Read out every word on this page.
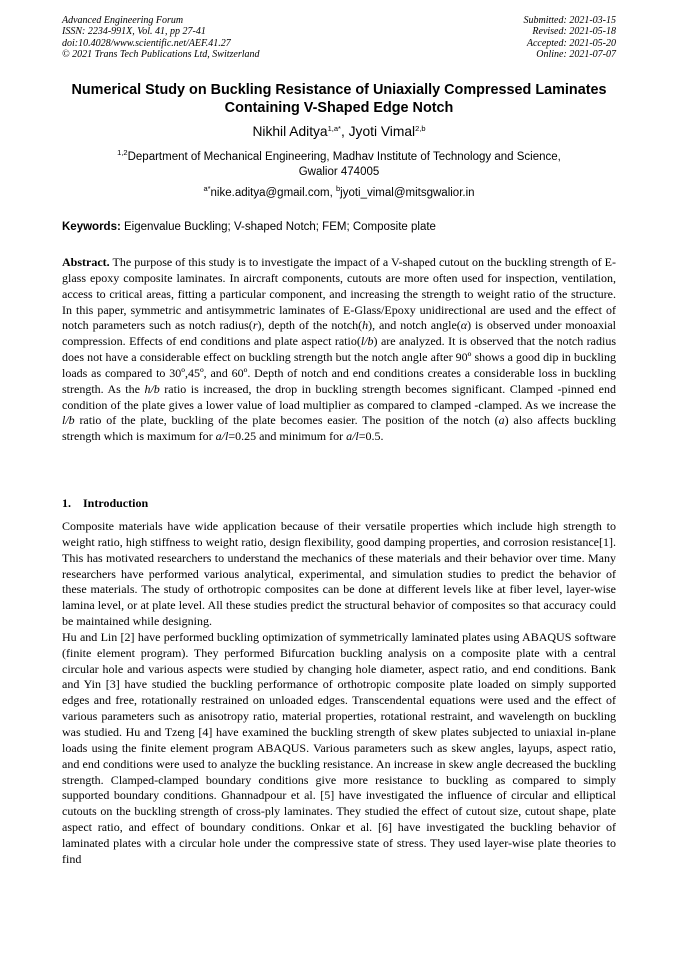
Advanced Engineering Forum
ISSN: 2234-991X, Vol. 41, pp 27-41
doi:10.4028/www.scientific.net/AEF.41.27
© 2021 Trans Tech Publications Ltd, Switzerland
Submitted: 2021-03-15
Revised: 2021-05-18
Accepted: 2021-05-20
Online: 2021-07-07
Numerical Study on Buckling Resistance of Uniaxially Compressed Laminates Containing V-Shaped Edge Notch
Nikhil Aditya$^{1,a*}$, Jyoti Vimal$^{2,b}$
$^{1,2}$Department of Mechanical Engineering, Madhav Institute of Technology and Science,
Gwalior 474005
$^{a*}$nike.aditya@gmail.com, $^b$jyoti_vimal@mitsgwalior.in
Keywords: Eigenvalue Buckling; V-shaped Notch; FEM; Composite plate

Abstract. The purpose of this study is to investigate the impact of a V-shaped cutout on the buckling strength of E-glass epoxy composite laminates. In aircraft components, cutouts are more often used for inspection, ventilation, access to critical areas, fitting a particular component, and increasing the strength to weight ratio of the structure. In this paper, symmetric and antisymmetric laminates of E-Glass/Epoxy unidirectional are used and the effect of notch parameters such as notch radius(r), depth of the notch(h), and notch angle(α) is observed under monoaxial compression. Effects of end conditions and plate aspect ratio(l/b) are analyzed. It is observed that the notch radius does not have a considerable effect on buckling strength but the notch angle after 90º shows a good dip in buckling loads as compared to 30º,45º, and 60º. Depth of notch and end conditions creates a considerable loss in buckling strength. As the h/b ratio is increased, the drop in buckling strength becomes significant. Clamped -pinned end condition of the plate gives a lower value of load multiplier as compared to clamped -clamped. As we increase the l/b ratio of the plate, buckling of the plate becomes easier. The position of the notch (a) also affects buckling strength which is maximum for a/l=0.25 and minimum for a/l=0.5.

1. Introduction

Composite materials have wide application because of their versatile properties which include high strength to weight ratio, high stiffness to weight ratio, design flexibility, good damping properties, and corrosion resistance[1]. This has motivated researchers to understand the mechanics of these materials and their behavior over time. Many researchers have performed various analytical, experimental, and simulation studies to predict the behavior of these materials. The study of orthotropic composites can be done at different levels like at fiber level, layer-wise lamina level, or at plate level. All these studies predict the structural behavior of composites so that accuracy could be maintained while designing.

Hu and Lin [2] have performed buckling optimization of symmetrically laminated plates using ABAQUS software (finite element program). They performed Bifurcation buckling analysis on a composite plate with a central circular hole and various aspects were studied by changing hole diameter, aspect ratio, and end conditions. Bank and Yin [3] have studied the buckling performance of orthotropic composite plate loaded on simply supported edges and free, rotationally restrained on unloaded edges. Transcendental equations were used and the effect of various parameters such as anisotropy ratio, material properties, rotational restraint, and wavelength on buckling was studied. Hu and Tzeng [4] have examined the buckling strength of skew plates subjected to uniaxial in-plane loads using the finite element program ABAQUS. Various parameters such as skew angles, layups, aspect ratio, and end conditions were used to analyze the buckling resistance. An increase in skew angle decreased the buckling strength. Clamped-clamped boundary conditions give more resistance to buckling as compared to simply supported boundary conditions. Ghannadpour et al. [5] have investigated the influence of circular and elliptical cutouts on the buckling strength of cross-ply laminates. They studied the effect of cutout size, cutout shape, plate aspect ratio, and effect of boundary conditions. Onkar et al. [6] have investigated the buckling behavior of laminated plates with a circular hole under the compressive state of stress. They used layer-wise plate theories to find
